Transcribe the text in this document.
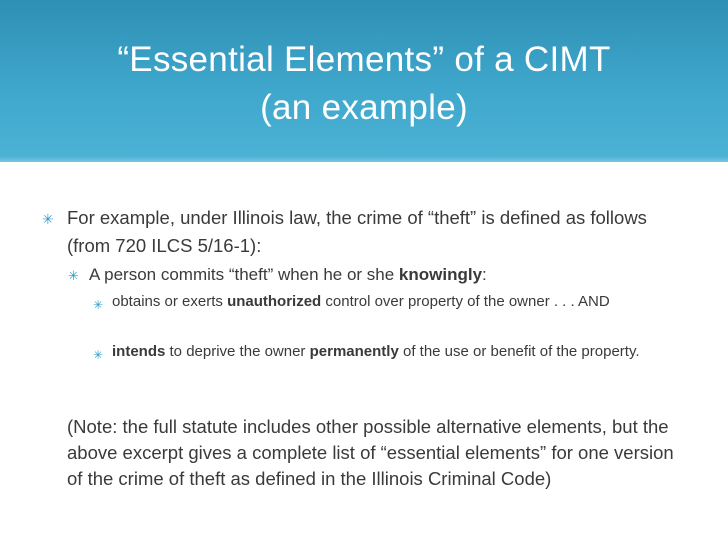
“Essential Elements” of a CIMT
(an example)
✳ For example, under Illinois law, the crime of “theft” is defined as follows (from 720 ILCS 5/16-1):
✳ A person commits “theft” when he or she knowingly:
✳ obtains or exerts unauthorized control over property of the owner . . . AND
✳ intends to deprive the owner permanently of the use or benefit of the property.
(Note: the full statute includes other possible alternative elements, but the above excerpt gives a complete list of “essential elements” for one version of the crime of theft as defined in the Illinois Criminal Code)
